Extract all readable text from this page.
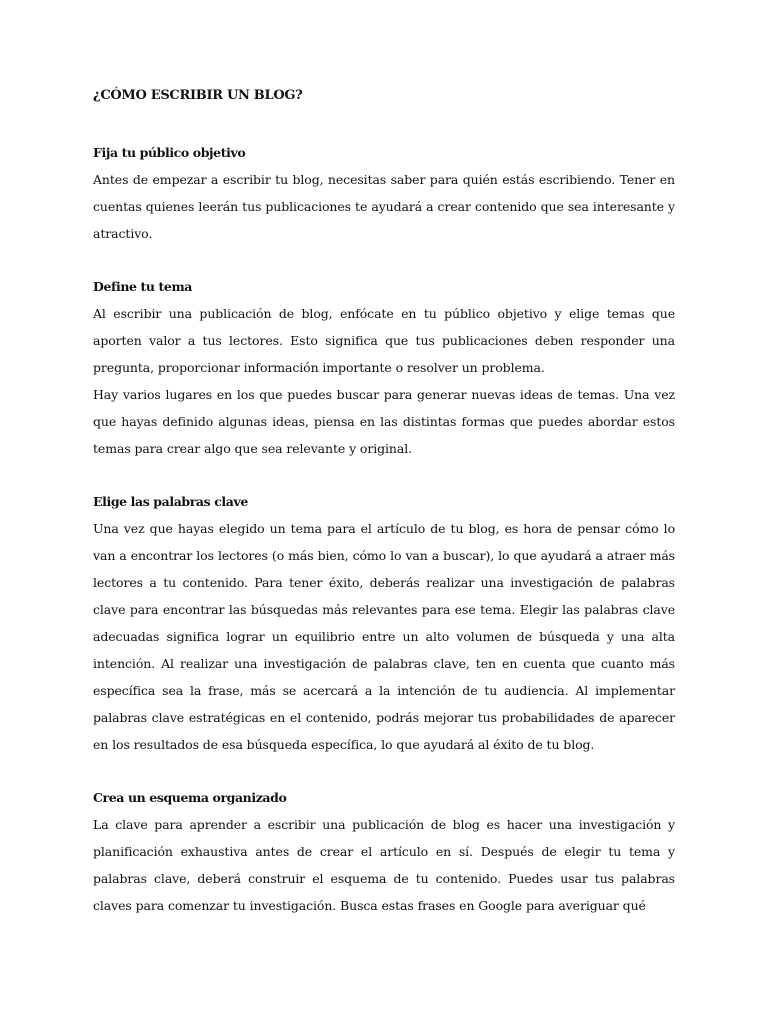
¿CÓMO ESCRIBIR UN BLOG?
Fija tu público objetivo

Antes de empezar a escribir tu blog, necesitas saber para quién estás escribiendo. Tener en cuentas quienes leerán tus publicaciones te ayudará a crear contenido que sea interesante y atractivo.

Define tu tema

Al escribir una publicación de blog, enfócate en tu público objetivo y elige temas que aporten valor a tus lectores. Esto significa que tus publicaciones deben responder una pregunta, proporcionar información importante o resolver un problema.

Hay varios lugares en los que puedes buscar para generar nuevas ideas de temas. Una vez que hayas definido algunas ideas, piensa en las distintas formas que puedes abordar estos temas para crear algo que sea relevante y original.

Elige las palabras clave

Una vez que hayas elegido un tema para el artículo de tu blog, es hora de pensar cómo lo van a encontrar los lectores (o más bien, cómo lo van a buscar), lo que ayudará a atraer más lectores a tu contenido. Para tener éxito, deberás realizar una investigación de palabras clave para encontrar las búsquedas más relevantes para ese tema. Elegir las palabras clave adecuadas significa lograr un equilibrio entre un alto volumen de búsqueda y una alta intención. Al realizar una investigación de palabras clave, ten en cuenta que cuanto más específica sea la frase, más se acercará a la intención de tu audiencia. Al implementar palabras clave estratégicas en el contenido, podrás mejorar tus probabilidades de aparecer en los resultados de esa búsqueda específica, lo que ayudará al éxito de tu blog.

Crea un esquema organizado

La clave para aprender a escribir una publicación de blog es hacer una investigación y planificación exhaustiva antes de crear el artículo en sí. Después de elegir tu tema y palabras clave, deberá construir el esquema de tu contenido. Puedes usar tus palabras claves para comenzar tu investigación. Busca estas frases en Google para averiguar qué
